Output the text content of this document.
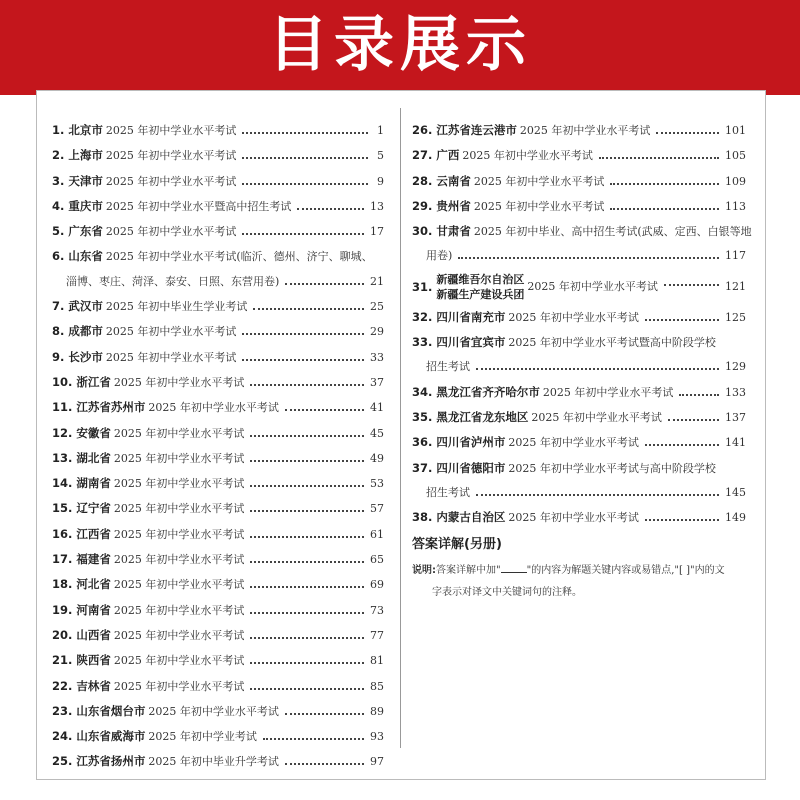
目录展示
1. 北京市 2025 年初中学业水平考试	1
2. 上海市 2025 年初中学业水平考试	5
3. 天津市 2025 年初中学业水平考试	9
4. 重庆市 2025 年初中学业水平暨高中招生考试	13
5. 广东省 2025 年初中学业水平考试	17
6. 山东省 2025 年初中学业水平考试(临沂、德州、济宁、聊城、
淄博、枣庄、菏泽、泰安、日照、东营用卷)	21
7. 武汉市 2025 年初中毕业生学业考试	25
8. 成都市 2025 年初中学业水平考试	29
9. 长沙市 2025 年初中学业水平考试	33
10. 浙江省 2025 年初中学业水平考试	37
11. 江苏省苏州市 2025 年初中学业水平考试	41
12. 安徽省 2025 年初中学业水平考试	45
13. 湖北省 2025 年初中学业水平考试	49
14. 湖南省 2025 年初中学业水平考试	53
15. 辽宁省 2025 年初中学业水平考试	57
16. 江西省 2025 年初中学业水平考试	61
17. 福建省 2025 年初中学业水平考试	65
18. 河北省 2025 年初中学业水平考试	69
19. 河南省 2025 年初中学业水平考试	73
20. 山西省 2025 年初中学业水平考试	77
21. 陕西省 2025 年初中学业水平考试	81
22. 吉林省 2025 年初中学业水平考试	85
23. 山东省烟台市 2025 年初中学业水平考试	89
24. 山东省威海市 2025 年初中学业考试	93
25. 江苏省扬州市 2025 年初中毕业升学考试	97
26. 江苏省连云港市 2025 年初中学业水平考试	101
27. 广西 2025 年初中学业水平考试	105
28. 云南省 2025 年初中学业水平考试	109
29. 贵州省 2025 年初中学业水平考试	113
30. 甘肃省 2025 年初中毕业、高中招生考试(武威、定西、白银等地
用卷)	117
31.
新疆维吾尔自治区
新疆生产建设兵团
2025 年初中学业水平考试	121
32. 四川省南充市 2025 年初中学业水平考试	125
33. 四川省宜宾市 2025 年初中学业水平考试暨高中阶段学校
招生考试	129
34. 黑龙江省齐齐哈尔市 2025 年初中学业水平考试	133
35. 黑龙江省龙东地区 2025 年初中学业水平考试	137
36. 四川省泸州市 2025 年初中学业水平考试	141
37. 四川省德阳市 2025 年初中学业水平考试与高中阶段学校
招生考试	145
38. 内蒙古自治区 2025 年初中学业水平考试	149
答案详解(另册)
说明:答案详解中加"	"的内容为解题关键内容或易错点,"[ ]"内的文
字表示对译文中关键词句的注释。
